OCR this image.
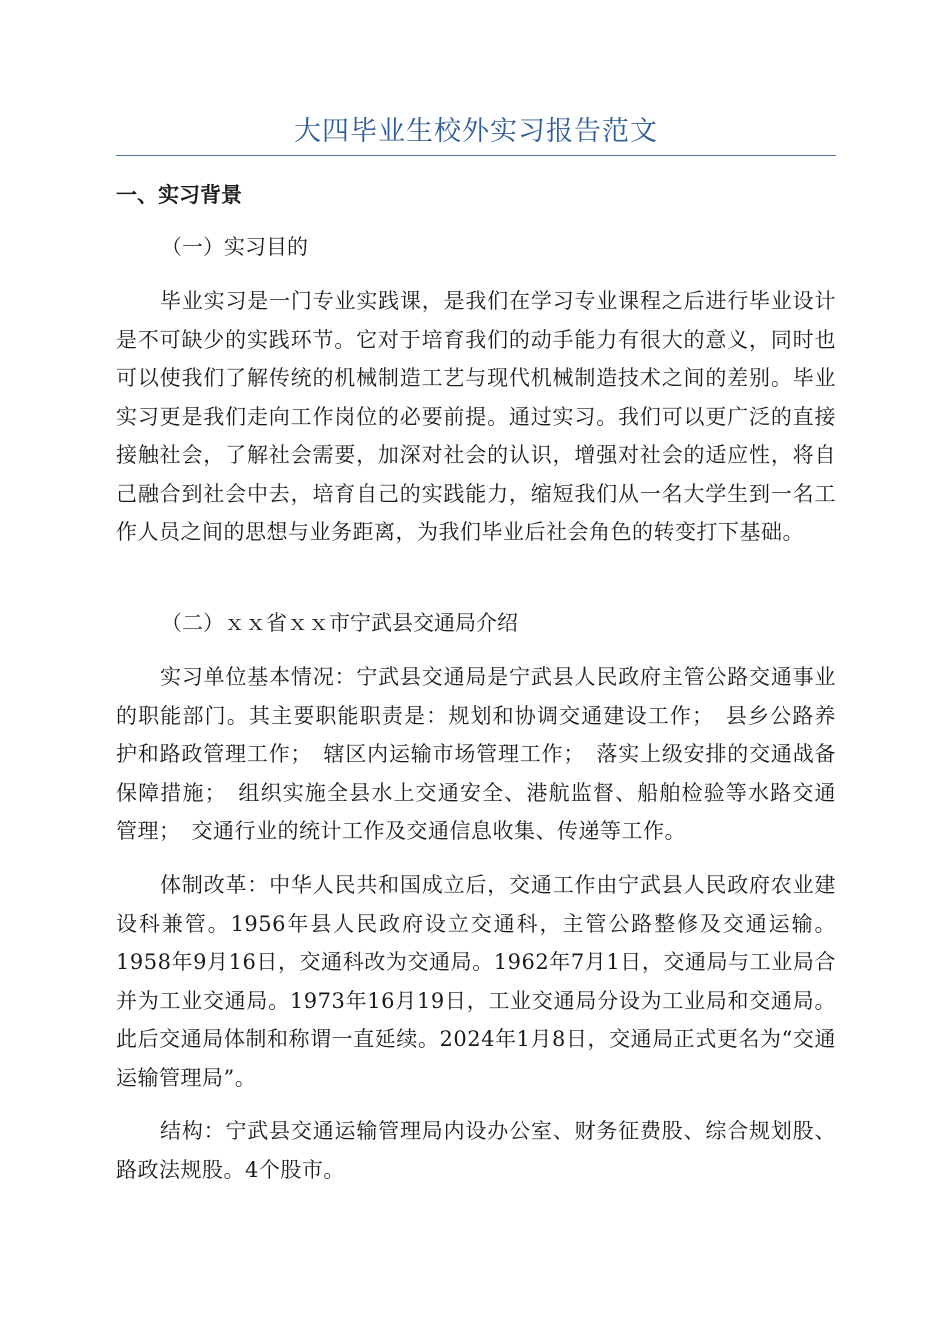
大四毕业生校外实习报告范文
一、实习背景
（一）实习目的
毕业实习是一门专业实践课，是我们在学习专业课程之后进行毕业设计是不可缺少的实践环节。它对于培育我们的动手能力有很大的意义，同时也可以使我们了解传统的机械制造工艺与现代机械制造技术之间的差别。毕业实习更是我们走向工作岗位的必要前提。通过实习。我们可以更广泛的直接接触社会，了解社会需要，加深对社会的认识，增强对社会的适应性，将自己融合到社会中去，培育自己的实践能力，缩短我们从一名大学生到一名工作人员之间的思想与业务距离，为我们毕业后社会角色的转变打下基础。
（二）ｘｘ省ｘｘ市宁武县交通局介绍
实习单位基本情况：宁武县交通局是宁武县人民政府主管公路交通事业的职能部门。其主要职能职责是：规划和协调交通建设工作；　县乡公路养护和路政管理工作；　辖区内运输市场管理工作；　落实上级安排的交通战备保障措施；　组织实施全县水上交通安全、港航监督、船舶检验等水路交通管理；　交通行业的统计工作及交通信息收集、传递等工作。
体制改革：中华人民共和国成立后，交通工作由宁武县人民政府农业建设科兼管。1956年县人民政府设立交通科，主管公路整修及交通运输。1958年9月16日，交通科改为交通局。1962年7月1日，交通局与工业局合并为工业交通局。1973年16月19日，工业交通局分设为工业局和交通局。此后交通局体制和称谓一直延续。2024年1月8日，交通局正式更名为“交通运输管理局”。
结构：宁武县交通运输管理局内设办公室、财务征费股、综合规划股、路政法规股。4个股市。
